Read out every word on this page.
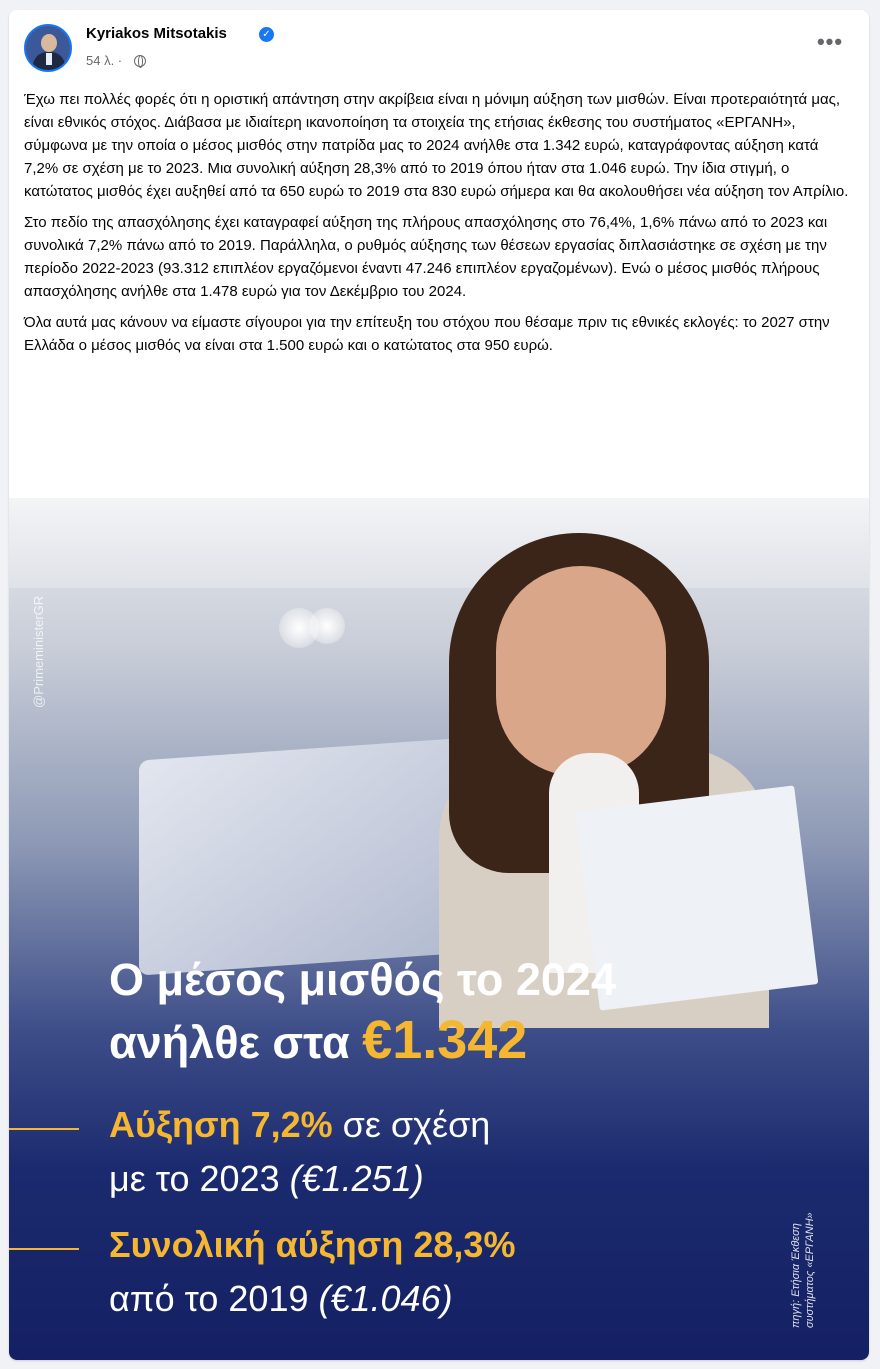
Kyriakos Mitsotakis	✓
54 λ. ·
•••

Έχω πει πολλές φορές ότι η οριστική απάντηση στην ακρίβεια είναι η μόνιμη αύξηση των μισθών. Είναι προτεραιότητά μας, είναι εθνικός στόχος. Διάβασα με ιδιαίτερη ικανοποίηση τα στοιχεία της ετήσιας έκθεσης του συστήματος «ΕΡΓΑΝΗ», σύμφωνα με την οποία ο μέσος μισθός στην πατρίδα μας το 2024 ανήλθε στα 1.342 ευρώ, καταγράφοντας αύξηση κατά 7,2% σε σχέση με το 2023. Μια συνολική αύξηση 28,3% από το 2019 όπου ήταν στα 1.046 ευρώ. Την ίδια στιγμή, ο κατώτατος μισθός έχει αυξηθεί από τα 650 ευρώ το 2019 στα 830 ευρώ σήμερα και θα ακολουθήσει νέα αύξηση τον Απρίλιο.

Στο πεδίο της απασχόλησης έχει καταγραφεί αύξηση της πλήρους απασχόλησης στο 76,4%, 1,6% πάνω από το 2023 και συνολικά 7,2% πάνω από το 2019. Παράλληλα, ο ρυθμός αύξησης των θέσεων εργασίας διπλασιάστηκε σε σχέση με την περίοδο 2022-2023 (93.312 επιπλέον εργαζόμενοι έναντι 47.246 επιπλέον εργαζομένων). Ενώ ο μέσος μισθός πλήρους απασχόλησης ανήλθε στα 1.478 ευρώ για τον Δεκέμβριο του 2024.

Όλα αυτά μας κάνουν να είμαστε σίγουροι για την επίτευξη του στόχου που θέσαμε πριν τις εθνικές εκλογές: το 2027 στην Ελλάδα ο μέσος μισθός να είναι στα 1.500 ευρώ και ο κατώτατος στα 950 ευρώ.

@PrimeministerGR
Ο μέσος μισθός το 2024
ανήλθε στα €1.342
Αύξηση 7,2% σε σχέση
με το 2023 (€1.251)
Συνολική αύξηση 28,3%
από το 2019 (€1.046)	πηγή: Ετήσια Έκθεση συστήματος «ΕΡΓΑΝΗ»
